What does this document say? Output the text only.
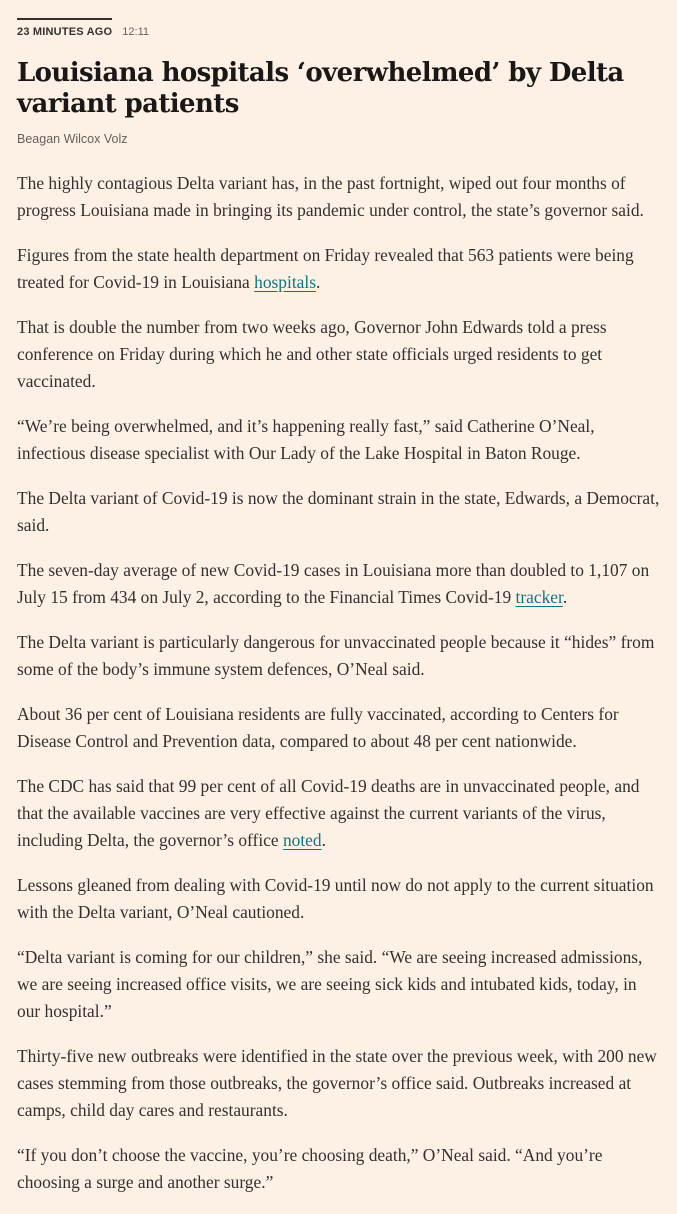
23 MINUTES AGO 12:11
Louisiana hospitals ‘overwhelmed’ by Delta variant patients
Beagan Wilcox Volz

The highly contagious Delta variant has, in the past fortnight, wiped out four months of progress Louisiana made in bringing its pandemic under control, the state’s governor said.

Figures from the state health department on Friday revealed that 563 patients were being treated for Covid-19 in Louisiana hospitals.

That is double the number from two weeks ago, Governor John Edwards told a press conference on Friday during which he and other state officials urged residents to get vaccinated.

“We’re being overwhelmed, and it’s happening really fast,” said Catherine O’Neal, infectious disease specialist with Our Lady of the Lake Hospital in Baton Rouge.

The Delta variant of Covid-19 is now the dominant strain in the state, Edwards, a Democrat, said.

The seven-day average of new Covid-19 cases in Louisiana more than doubled to 1,107 on July 15 from 434 on July 2, according to the Financial Times Covid-19 tracker.

The Delta variant is particularly dangerous for unvaccinated people because it “hides” from some of the body’s immune system defences, O’Neal said.

About 36 per cent of Louisiana residents are fully vaccinated, according to Centers for Disease Control and Prevention data, compared to about 48 per cent nationwide.

The CDC has said that 99 per cent of all Covid-19 deaths are in unvaccinated people, and that the available vaccines are very effective against the current variants of the virus, including Delta, the governor’s office noted.

Lessons gleaned from dealing with Covid-19 until now do not apply to the current situation with the Delta variant, O’Neal cautioned.

“Delta variant is coming for our children,” she said. “We are seeing increased admissions, we are seeing increased office visits, we are seeing sick kids and intubated kids, today, in our hospital.”

Thirty-five new outbreaks were identified in the state over the previous week, with 200 new cases stemming from those outbreaks, the governor’s office said. Outbreaks increased at camps, child day cares and restaurants.

“If you don’t choose the vaccine, you’re choosing death,” O’Neal said. “And you’re choosing a surge and another surge.”
